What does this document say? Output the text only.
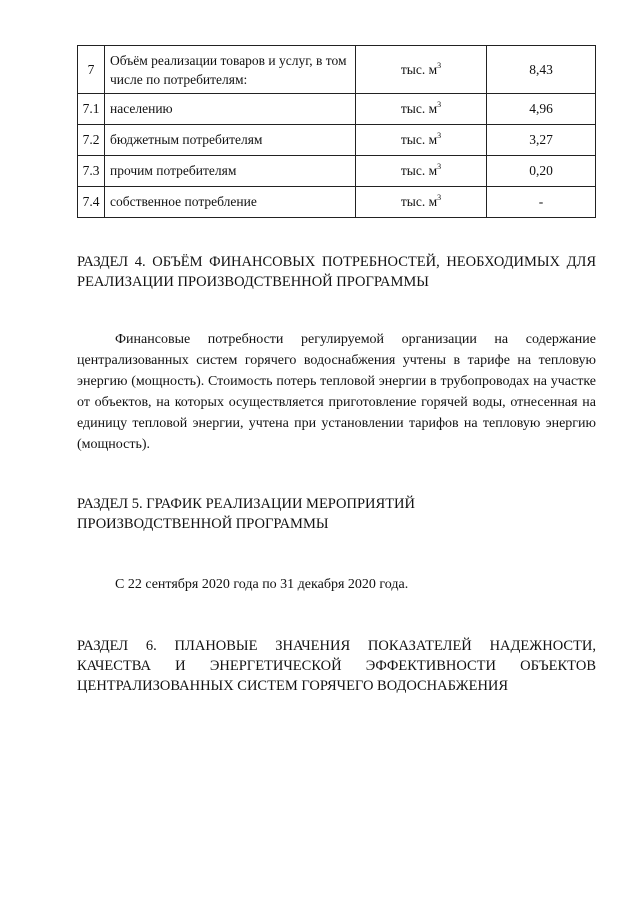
7	Объём реализации товаров и услуг, в том числе по потребителям:	тыс. $м^3$	8,43
7.1	населению	тыс. $м^3$	4,96
7.2	бюджетным потребителям	тыс. $м^3$	3,27
7.3	прочим потребителям	тыс. $м^3$	0,20
7.4	собственное потребление	тыс. $м^3$	-
РАЗДЕЛ 4. ОБЪЁМ ФИНАНСОВЫХ ПОТРЕБНОСТЕЙ, НЕОБХОДИМЫХ ДЛЯ РЕАЛИЗАЦИИ ПРОИЗВОДСТВЕННОЙ ПРОГРАММЫ
Финансовые потребности регулируемой организации на содержание централизованных систем горячего водоснабжения учтены в тарифе на тепловую энергию (мощность). Стоимость потерь тепловой энергии в трубопроводах на участке от объектов, на которых осуществляется приготовление горячей воды, отнесенная на единицу тепловой энергии, учтена при установлении тарифов на тепловую энергию (мощность).
РАЗДЕЛ 5. ГРАФИК РЕАЛИЗАЦИИ МЕРОПРИЯТИЙ
ПРОИЗВОДСТВЕННОЙ ПРОГРАММЫ
С 22 сентября 2020 года по 31 декабря 2020 года.
РАЗДЕЛ 6. ПЛАНОВЫЕ ЗНАЧЕНИЯ ПОКАЗАТЕЛЕЙ НАДЕЖНОСТИ, КАЧЕСТВА И ЭНЕРГЕТИЧЕСКОЙ ЭФФЕКТИВНОСТИ ОБЪЕКТОВ ЦЕНТРАЛИЗОВАННЫХ СИСТЕМ ГОРЯЧЕГО ВОДОСНАБЖЕНИЯ
